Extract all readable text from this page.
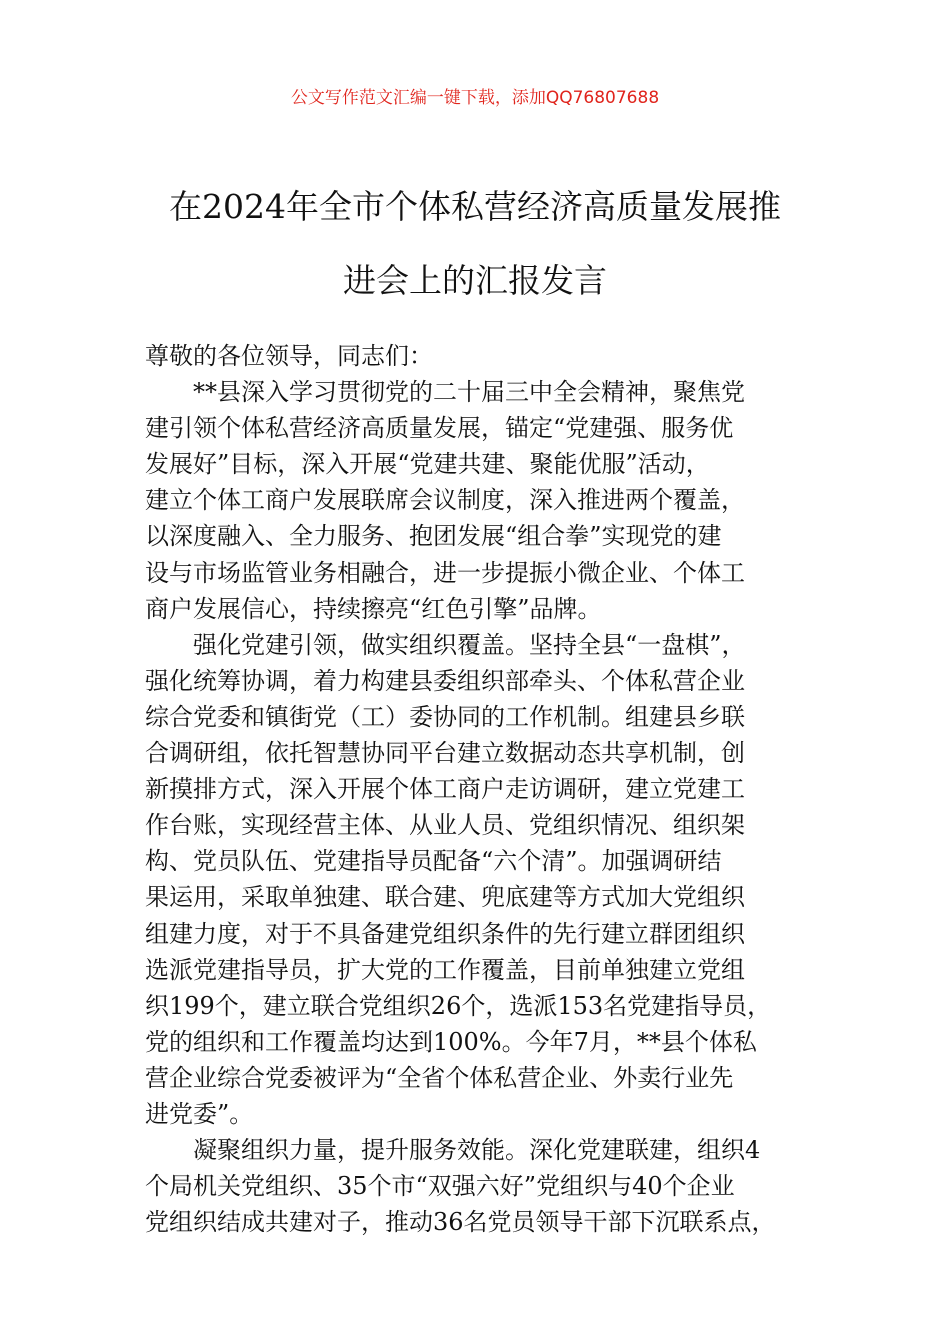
公文写作范文汇编一键下载，添加QQ76807688
在2024年全市个体私营经济高质量发展推
进会上的汇报发言
尊敬的各位领导，同志们：
**县深入学习贯彻党的二十届三中全会精神，聚焦党
建引领个体私营经济高质量发展，锚定“党建强、服务优
发展好”目标，深入开展“党建共建、聚能优服”活动，
建立个体工商户发展联席会议制度，深入推进两个覆盖，
以深度融入、全力服务、抱团发展“组合拳”实现党的建
设与市场监管业务相融合，进一步提振小微企业、个体工
商户发展信心，持续擦亮“红色引擎”品牌。
强化党建引领，做实组织覆盖。坚持全县“一盘棋”，
强化统筹协调，着力构建县委组织部牵头、个体私营企业
综合党委和镇街党（工）委协同的工作机制。组建县乡联
合调研组，依托智慧协同平台建立数据动态共享机制，创
新摸排方式，深入开展个体工商户走访调研，建立党建工
作台账，实现经营主体、从业人员、党组织情况、组织架
构、党员队伍、党建指导员配备“六个清”。加强调研结
果运用，采取单独建、联合建、兜底建等方式加大党组织
组建力度，对于不具备建党组织条件的先行建立群团组织
选派党建指导员，扩大党的工作覆盖，目前单独建立党组
织199个，建立联合党组织26个，选派153名党建指导员，
党的组织和工作覆盖均达到100%。今年7月，**县个体私
营企业综合党委被评为“全省个体私营企业、外卖行业先
进党委”。
凝聚组织力量，提升服务效能。深化党建联建，组织4
个局机关党组织、35个市“双强六好”党组织与40个企业
党组织结成共建对子，推动36名党员领导干部下沉联系点，
